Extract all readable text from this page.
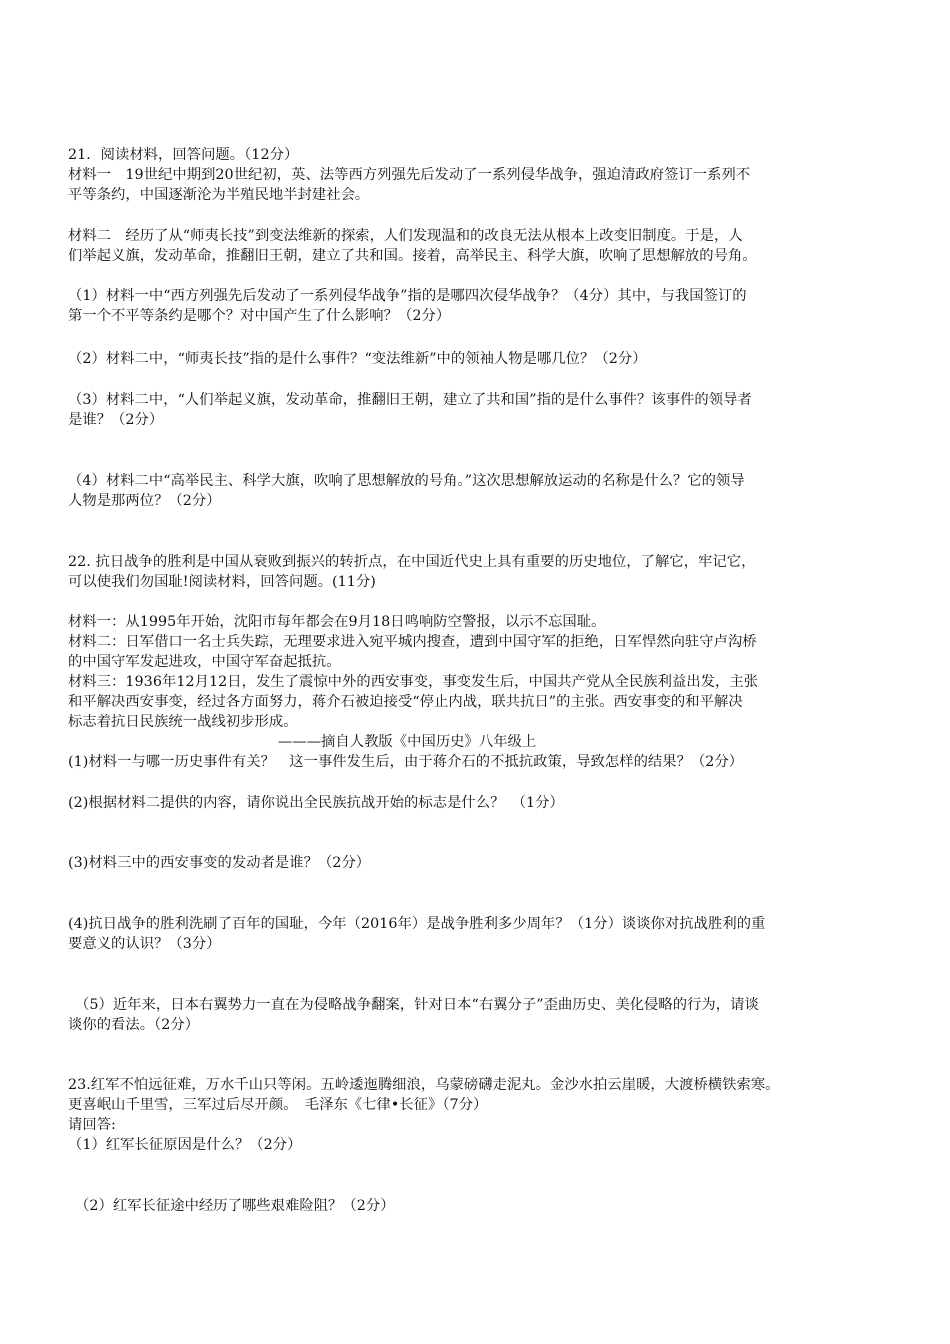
21．阅读材料，回答问题。（12分）
材料一　19世纪中期到20世纪初，英、法等西方列强先后发动了一系列侵华战争，强迫清政府签订一系列不
平等条约，中国逐渐沦为半殖民地半封建社会。
材料二　经历了从“师夷长技”到变法维新的探索，人们发现温和的改良无法从根本上改变旧制度。于是，人
们举起义旗，发动革命，推翻旧王朝，建立了共和国。接着，高举民主、科学大旗，吹响了思想解放的号角。
（1）材料一中“西方列强先后发动了一系列侵华战争”指的是哪四次侵华战争？（4分）其中，与我国签订的
第一个不平等条约是哪个？对中国产生了什么影响？（2分）
（2）材料二中，“师夷长技”指的是什么事件？“变法维新”中的领袖人物是哪几位？（2分）
（3）材料二中，“人们举起义旗，发动革命，推翻旧王朝，建立了共和国”指的是什么事件？该事件的领导者
是谁？（2分）
（4）材料二中“高举民主、科学大旗，吹响了思想解放的号角。”这次思想解放运动的名称是什么？它的领导
人物是那两位？（2分）
22. 抗日战争的胜利是中国从衰败到振兴的转折点，在中国近代史上具有重要的历史地位，了解它，牢记它，
可以使我们勿国耻!阅读材料，回答问题。(11分)
材料一：从1995年开始，沈阳市每年都会在9月18日鸣响防空警报，以示不忘国耻。
材料二：日军借口一名士兵失踪，无理要求进入宛平城内搜查，遭到中国守军的拒绝，日军悍然向驻守卢沟桥
的中国守军发起进攻，中国守军奋起抵抗。
材料三：1936年12月12日，发生了震惊中外的西安事变，事变发生后，中国共产党从全民族利益出发，主张
和平解决西安事变，经过各方面努力，蒋介石被迫接受“停止内战，联共抗日”的主张。西安事变的和平解决
标志着抗日民族统一战线初步形成。
———摘自人教版《中国历史》八年级上
(1)材料一与哪一历史事件有关？　这一事件发生后，由于蒋介石的不抵抗政策，导致怎样的结果？（2分）
(2)根据材料二提供的内容，请你说出全民族抗战开始的标志是什么？　（1分）
(3)材料三中的西安事变的发动者是谁？（2分）
(4)抗日战争的胜利洗刷了百年的国耻，今年（2016年）是战争胜利多少周年？（1分）谈谈你对抗战胜利的重
要意义的认识？（3分）
（5）近年来，日本右翼势力一直在为侵略战争翻案，针对日本“右翼分子”歪曲历史、美化侵略的行为，请谈
谈你的看法。（2分）
23.红军不怕远征难，万水千山只等闲。五岭逶迤腾细浪，乌蒙磅礴走泥丸。金沙水拍云崖暖，大渡桥横铁索寒。
更喜岷山千里雪，三军过后尽开颜。　毛泽东《七律•长征》（7分）
请回答:
（1）红军长征原因是什么？（2分）
（2）红军长征途中经历了哪些艰难险阻？（2分）
